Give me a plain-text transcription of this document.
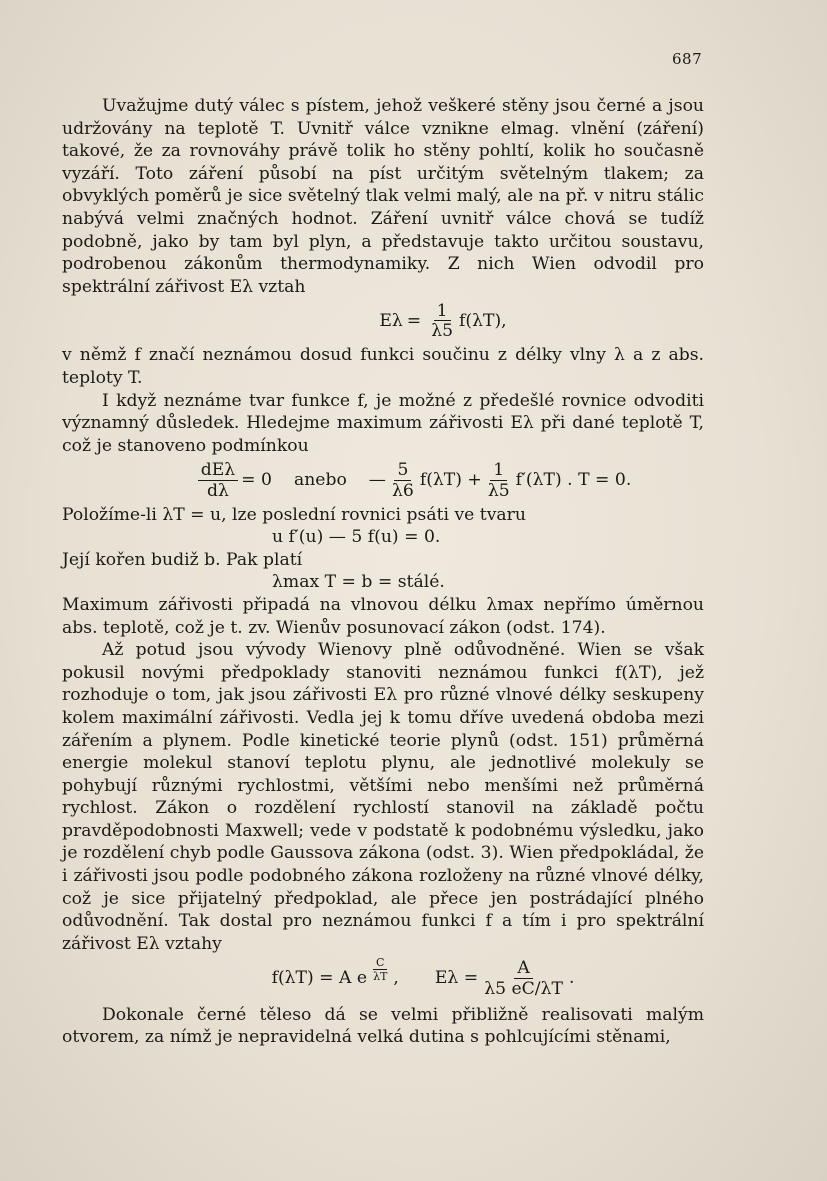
687

Uvažujme dutý válec s pístem, jehož veškeré stěny jsou černé a jsou udržovány na teplotě T. Uvnitř válce vznikne elmag. vlnění (záření) takové, že za rovnováhy právě tolik ho stěny pohltí, kolik ho současně vyzáří. Toto záření působí na píst určitým světelným tlakem; za obvyklých poměrů je sice světelný tlak velmi malý, ale na př. v nitru stálic nabývá velmi značných hodnot. Záření uvnitř válce chová se tudíž podobně, jako by tam byl plyn, a představuje takto určitou soustavu, podrobenou zákonům thermodynamiky. Z nich Wien odvodil pro spektrální zářivost Eλ vztah

$E\lambda = \frac{1}{\lambda 5} f(\lambda T)$,

v němž f značí neznámou dosud funkci součinu z délky vlny λ a z abs. teploty T.

I když neznáme tvar funkce f, je možné z předešlé rovnice odvoditi významný důsledek. Hledejme maximum zářivosti Eλ při dané teplotě T, což je stanoveno podmínkou

$\frac{\text{dEλ}}{d\lambda} = 0$ anebo — $\frac{5}{\lambda 6} f(\lambda T) + \frac{1}{\lambda 5} f'(\lambda T)$ . T = 0.

Položíme-li λT = u, lze poslední rovnici psáti ve tvaru

u f′(u) — 5 f(u) = 0.

Její kořen budiž b. Pak platí

λmax T = b = stálé.

Maximum zářivosti připadá na vlnovou délku λmax nepřímo úměrnou abs. teplotě, což je t. zv. Wienův posunovací zákon (odst. 174).

Až potud jsou vývody Wienovy plně odůvodněné. Wien se však pokusil novými předpoklady stanoviti neznámou funkci f(λT), jež rozhoduje o tom, jak jsou zářivosti Eλ pro různé vlnové délky seskupeny kolem maximální zářivosti. Vedla jej k tomu dříve uvedená obdoba mezi zářením a plynem. Podle kinetické teorie plynů (odst. 151) průměrná energie molekul stanoví teplotu plynu, ale jednotlivé molekuly se pohybují různými rychlostmi, většími nebo menšími než průměrná rychlost. Zákon o rozdělení rychlostí stanovil na základě počtu pravděpodobnosti Maxwell; vede v podstatě k podobnému výsledku, jako je rozdělení chyb podle Gaussova zákona (odst. 3). Wien předpokládal, že i zářivosti jsou podle podobného zákona rozloženy na různé vlnové délky, což je sice přijatelný předpoklad, ale přece jen postrádající plného odůvodnění. Tak dostal pro neznámou funkci f a tím i pro spektrální zářivost Eλ vztahy

f(λT) = A e $\frac{C}{\lambda T}$ , $E\lambda = \frac{A}{\lambda 5 eC/\lambda T}$ .

Dokonale černé těleso dá se velmi přibližně realisovati malým otvorem, za nímž je nepravidelná velká dutina s pohlcujícími stěnami,
